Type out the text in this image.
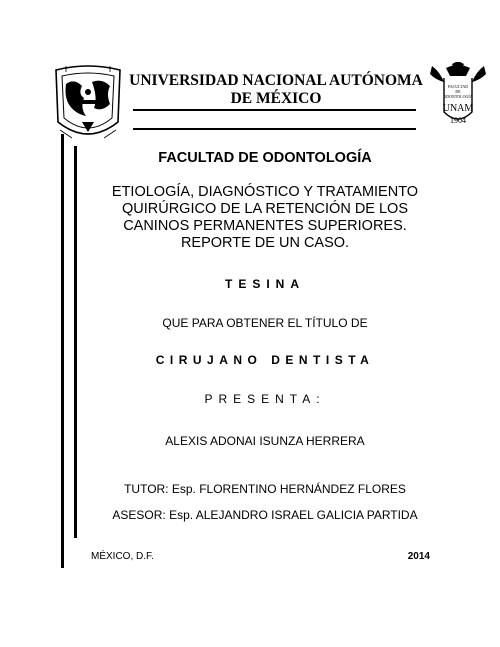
FACULTAD
DE
ODONTOLOGÍA
UNAM
1904
UNIVERSIDAD NACIONAL AUTÓNOMA DE MÉXICO
FACULTAD DE ODONTOLOGÍA
ETIOLOGÍA, DIAGNÓSTICO Y TRATAMIENTO QUIRÚRGICO DE LA RETENCIÓN DE LOS CANINOS PERMANENTES SUPERIORES. REPORTE DE UN CASO.
TESINA
QUE PARA OBTENER EL TÍTULO DE
CIRUJANO DENTISTA
PRESENTA:
ALEXIS ADONAI ISUNZA HERRERA
TUTOR: Esp. FLORENTINO HERNÁNDEZ FLORES
ASESOR: Esp. ALEJANDRO ISRAEL GALICIA PARTIDA
MÉXICO, D.F.	2014
